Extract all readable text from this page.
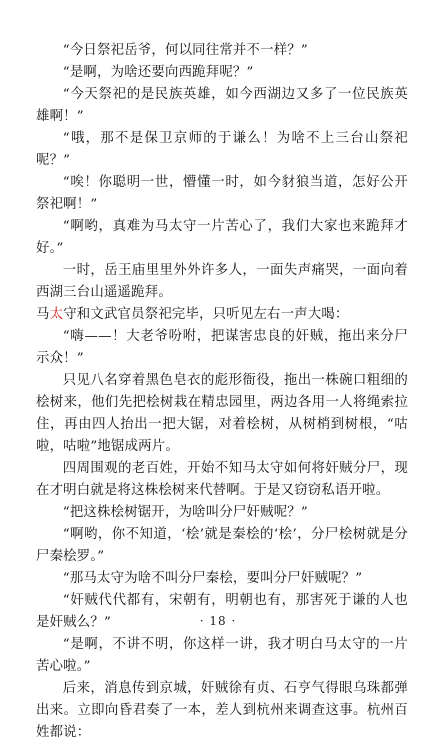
“今日祭祀岳爷，何以同往常并不一样？”

“是啊，为啥还要向西跪拜呢？”

“今天祭祀的是民族英雄，如今西湖边又多了一位民族英雄啊！”

“哦，那不是保卫京师的于谦么！为啥不上三台山祭祀呢？”

“唉！你聪明一世，懵懂一时，如今豺狼当道，怎好公开祭祀啊！”

“啊哟，真难为马太守一片苦心了，我们大家也来跪拜才好。”

一时，岳王庙里里外外许多人，一面失声痛哭，一面向着西湖三台山遥遥跪拜。

马太守和文武官员祭祀完毕，只听见左右一声大喝：

“嗨——！大老爷吩咐，把谋害忠良的奸贼，拖出来分尸示众！”

只见八名穿着黑色皂衣的彪形衙役，拖出一株碗口粗细的桧树来，他们先把桧树栽在精忠园里，两边各用一人将绳索拉住，再由四人抬出一把大锯，对着桧树，从树梢到树根，“咕啦，咕啦”地锯成两片。

四周围观的老百姓，开始不知马太守如何将奸贼分尸，现在才明白就是将这株桧树来代替啊。于是又窃窃私语开啦。

“把这株桧树锯开，为啥叫分尸奸贼呢？”

“啊哟，你不知道，‘桧’就是秦桧的‘桧’，分尸桧树就是分尸秦桧罗。”

“那马太守为啥不叫分尸秦桧，要叫分尸奸贼呢？”

“奸贼代代都有，宋朝有，明朝也有，那害死于谦的人也是奸贼么？”

“是啊，不讲不明，你这样一讲，我才明白马太守的一片苦心啦。”

后来，消息传到京城，奸贼徐有贞、石亨气得眼乌珠都弹出来。立即向昏君奏了一本，差人到杭州来调查这事。杭州百姓都说：

· 18 ·
